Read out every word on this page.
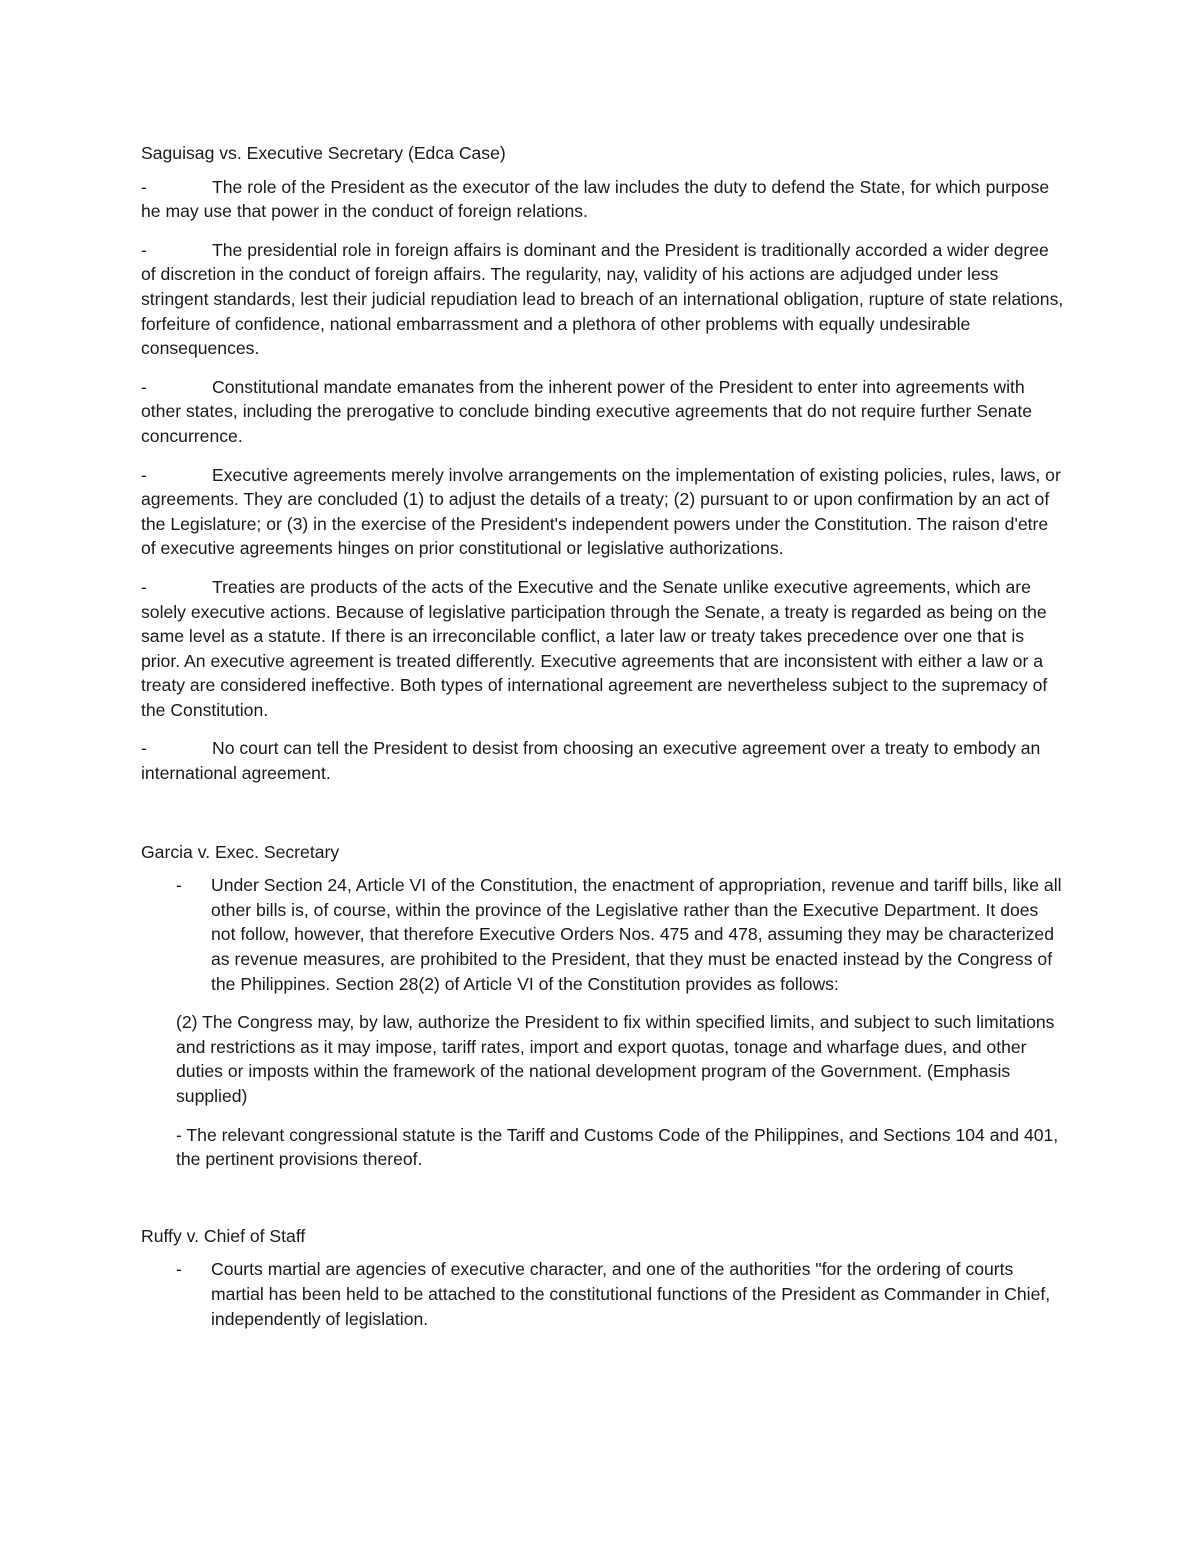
Saguisag vs. Executive Secretary (Edca Case)
-	The role of the President as the executor of the law includes the duty to defend the State, for which purpose he may use that power in the conduct of foreign relations.
-	The presidential role in foreign affairs is dominant and the President is traditionally accorded a wider degree of discretion in the conduct of foreign affairs. The regularity, nay, validity of his actions are adjudged under less stringent standards, lest their judicial repudiation lead to breach of an international obligation, rupture of state relations, forfeiture of confidence, national embarrassment and a plethora of other problems with equally undesirable consequences.
-	Constitutional mandate emanates from the inherent power of the President to enter into agreements with other states, including the prerogative to conclude binding executive agreements that do not require further Senate concurrence.
-	Executive agreements merely involve arrangements on the implementation of existing policies, rules, laws, or agreements. They are concluded (1) to adjust the details of a treaty; (2) pursuant to or upon confirmation by an act of the Legislature; or (3) in the exercise of the President's independent powers under the Constitution. The raison d'etre of executive agreements hinges on prior constitutional or legislative authorizations.
-	Treaties are products of the acts of the Executive and the Senate unlike executive agreements, which are solely executive actions. Because of legislative participation through the Senate, a treaty is regarded as being on the same level as a statute. If there is an irreconcilable conflict, a later law or treaty takes precedence over one that is prior. An executive agreement is treated differently. Executive agreements that are inconsistent with either a law or a treaty are considered ineffective. Both types of international agreement are nevertheless subject to the supremacy of the Constitution.
-	No court can tell the President to desist from choosing an executive agreement over a treaty to embody an international agreement.
Garcia v. Exec. Secretary
- Under Section 24, Article VI of the Constitution, the enactment of appropriation, revenue and tariff bills, like all other bills is, of course, within the province of the Legislative rather than the Executive Department. It does not follow, however, that therefore Executive Orders Nos. 475 and 478, assuming they may be characterized as revenue measures, are prohibited to the President, that they must be enacted instead by the Congress of the Philippines. Section 28(2) of Article VI of the Constitution provides as follows:
(2) The Congress may, by law, authorize the President to fix within specified limits, and subject to such limitations and restrictions as it may impose, tariff rates, import and export quotas, tonage and wharfage dues, and other duties or imposts within the framework of the national development program of the Government. (Emphasis supplied)
- The relevant congressional statute is the Tariff and Customs Code of the Philippines, and Sections 104 and 401, the pertinent provisions thereof.
Ruffy v. Chief of Staff
- Courts martial are agencies of executive character, and one of the authorities "for the ordering of courts martial has been held to be attached to the constitutional functions of the President as Commander in Chief, independently of legislation.
